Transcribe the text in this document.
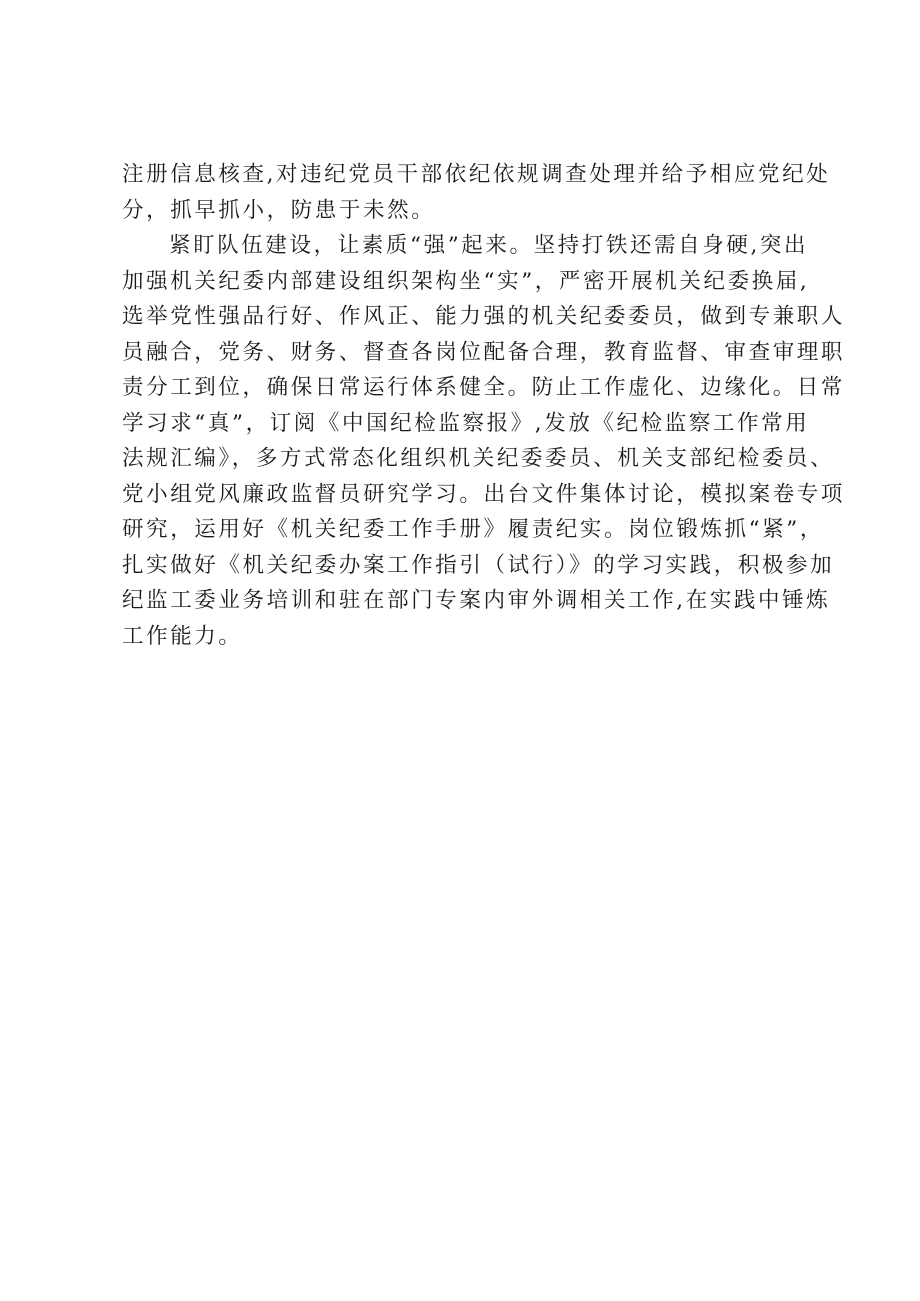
注册信息核查,对违纪党员干部依纪依规调查处理并给予相应党纪处
分，抓早抓小，防患于未然。
紧盯队伍建设，让素质“强”起来。坚持打铁还需自身硬,突出
加强机关纪委内部建设组织架构坐“实”，严密开展机关纪委换届,
选举党性强品行好、作风正、能力强的机关纪委委员，做到专兼职人
员融合，党务、财务、督查各岗位配备合理，教育监督、审查审理职
责分工到位，确保日常运行体系健全。防止工作虚化、边缘化。日常
学习求“真”，订阅《中国纪检监察报》,发放《纪检监察工作常用
法规汇编》，多方式常态化组织机关纪委委员、机关支部纪检委员、
党小组党风廉政监督员研究学习。出台文件集体讨论，模拟案卷专项
研究，运用好《机关纪委工作手册》履责纪实。岗位锻炼抓“紧”，
扎实做好《机关纪委办案工作指引（试行）》的学习实践，积极参加
纪监工委业务培训和驻在部门专案内审外调相关工作,在实践中锤炼
工作能力。
